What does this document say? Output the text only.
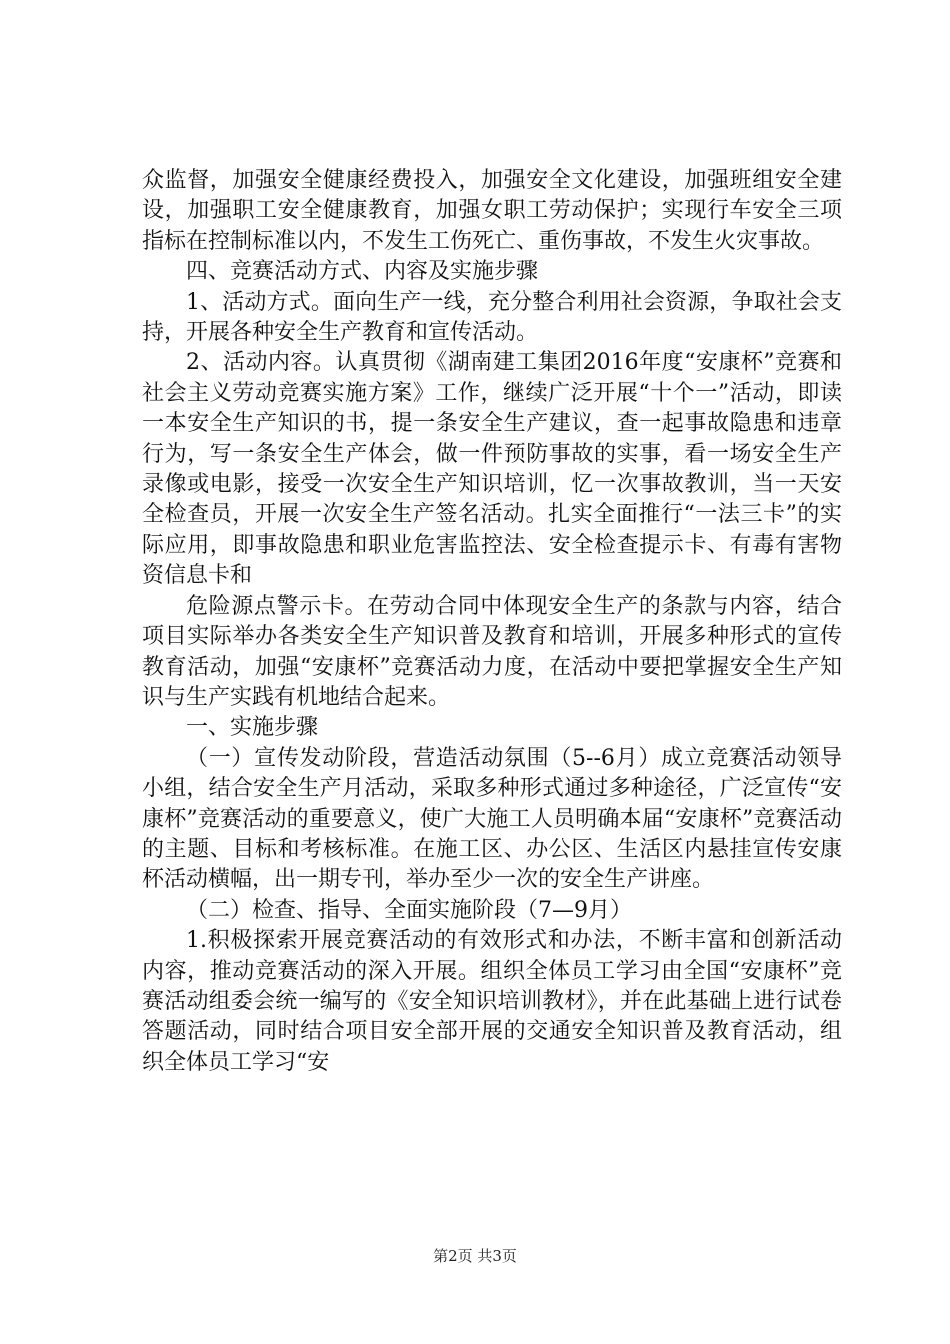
众监督，加强安全健康经费投入，加强安全文化建设，加强班组安全建设，加强职工安全健康教育，加强女职工劳动保护；实现行车安全三项指标在控制标准以内，不发生工伤死亡、重伤事故，不发生火灾事故。

四、竞赛活动方式、内容及实施步骤

1、活动方式。面向生产一线，充分整合利用社会资源，争取社会支持，开展各种安全生产教育和宣传活动。

2、活动内容。认真贯彻《湖南建工集团2016年度“安康杯”竞赛和社会主义劳动竞赛实施方案》工作，继续广泛开展“十个一”活动，即读一本安全生产知识的书，提一条安全生产建议，查一起事故隐患和违章行为，写一条安全生产体会，做一件预防事故的实事，看一场安全生产录像或电影，接受一次安全生产知识培训，忆一次事故教训，当一天安全检查员，开展一次安全生产签名活动。扎实全面推行“一法三卡”的实际应用，即事故隐患和职业危害监控法、安全检查提示卡、有毒有害物资信息卡和

危险源点警示卡。在劳动合同中体现安全生产的条款与内容，结合项目实际举办各类安全生产知识普及教育和培训，开展多种形式的宣传教育活动，加强“安康杯”竞赛活动力度，在活动中要把掌握安全生产知识与生产实践有机地结合起来。

一、实施步骤

（一）宣传发动阶段，营造活动氛围（5--6月）成立竞赛活动领导小组，结合安全生产月活动，采取多种形式通过多种途径，广泛宣传“安康杯”竞赛活动的重要意义，使广大施工人员明确本届“安康杯”竞赛活动的主题、目标和考核标准。在施工区、办公区、生活区内悬挂宣传安康杯活动横幅，出一期专刊，举办至少一次的安全生产讲座。

（二）检查、指导、全面实施阶段（7—9月）

1.积极探索开展竞赛活动的有效形式和办法，不断丰富和创新活动内容，推动竞赛活动的深入开展。组织全体员工学习由全国“安康杯”竞赛活动组委会统一编写的《安全知识培训教材》，并在此基础上进行试卷答题活动，同时结合项目安全部开展的交通安全知识普及教育活动，组织全体员工学习“安

第2页 共3页
